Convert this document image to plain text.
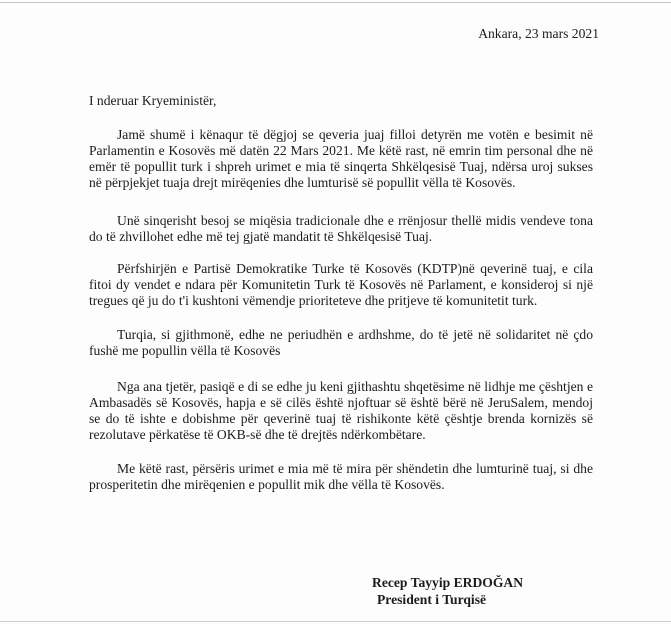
Ankara, 23 mars 2021
I nderuar Kryeministër,

Jamë shumë i kënaqur të dëgjoj se qeveria juaj filloi detyrën me votën e besimit në Parlamentin e Kosovës më datën 22 Mars 2021. Me këtë rast, në emrin tim personal dhe në emër të popullit turk i shpreh urimet e mia të sinqerta Shkëlqesisë Tuaj, ndërsa uroj sukses në përpjekjet tuaja drejt mirëqenies dhe lumturisë së popullit vëlla të Kosovës.

Unë sinqerisht besoj se miqësia tradicionale dhe e rrënjosur thellë midis vendeve tona do të zhvillohet edhe më tej gjatë mandatit të Shkëlqesisë Tuaj.

Përfshirjën e Partisë Demokratike Turke të Kosovës (KDTP)në qeverinë tuaj, e cila fitoi dy vendet e ndara për Komunitetin Turk të Kosovës në Parlament, e konsideroj si një tregues që ju do t'i kushtoni vëmendje prioriteteve dhe pritjeve të komunitetit turk.

Turqia, si gjithmonë, edhe ne periudhën e ardhshme, do të jetë në solidaritet në çdo fushë me popullin vëlla të Kosovës

Nga ana tjetër, pasiqë e di se edhe ju keni gjithashtu shqetësime në lidhje me çështjen e Ambasadës së Kosovës, hapja e së cilës është njoftuar së është bërë në JeruSalem, mendoj se do të ishte e dobishme për qeverinë tuaj të rishikonte këtë çështje brenda kornizës së rezolutave përkatëse të OKB-së dhe të drejtës ndërkombëtare.

Me këtë rast, përsëris urimet e mia më të mira për shëndetin dhe lumturinë tuaj, si dhe prosperitetin dhe mirëqenien e popullit mik dhe vëlla të Kosovës.

Recep Tayyip ERDOĞAN
President i Turqisë
